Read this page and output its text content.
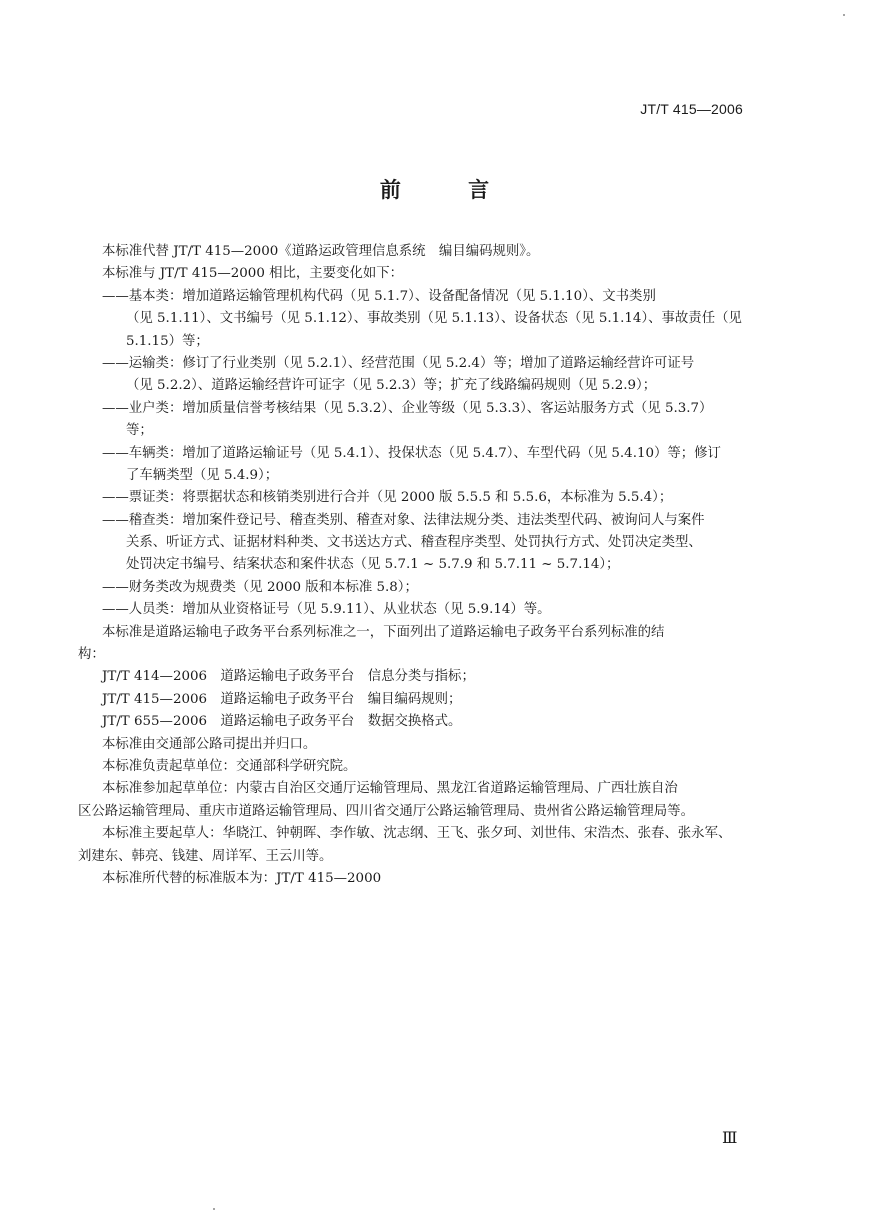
JT/T 415—2006
前 言
本标准代替 JT/T 415—2000《道路运政管理信息系统　编目编码规则》。
本标准与 JT/T 415—2000 相比，主要变化如下：
——基本类：增加道路运输管理机构代码（见 5.1.7）、设备配备情况（见 5.1.10）、文书类别
（见 5.1.11）、文书编号（见 5.1.12）、事故类别（见 5.1.13）、设备状态（见 5.1.14）、事故责任（见
5.1.15）等；
——运输类：修订了行业类别（见 5.2.1）、经营范围（见 5.2.4）等；增加了道路运输经营许可证号
（见 5.2.2）、道路运输经营许可证字（见 5.2.3）等；扩充了线路编码规则（见 5.2.9）；
——业户类：增加质量信誉考核结果（见 5.3.2）、企业等级（见 5.3.3）、客运站服务方式（见 5.3.7）
等；
——车辆类：增加了道路运输证号（见 5.4.1）、投保状态（见 5.4.7）、车型代码（见 5.4.10）等；修订
了车辆类型（见 5.4.9）；
——票证类：将票据状态和核销类别进行合并（见 2000 版 5.5.5 和 5.5.6，本标准为 5.5.4）；
——稽查类：增加案件登记号、稽查类别、稽查对象、法律法规分类、违法类型代码、被询问人与案件
关系、听证方式、证据材料种类、文书送达方式、稽查程序类型、处罚执行方式、处罚决定类型、
处罚决定书编号、结案状态和案件状态（见 5.7.1 ~ 5.7.9 和 5.7.11 ~ 5.7.14）；
——财务类改为规费类（见 2000 版和本标准 5.8）；
——人员类：增加从业资格证号（见 5.9.11）、从业状态（见 5.9.14）等。
本标准是道路运输电子政务平台系列标准之一，下面列出了道路运输电子政务平台系列标准的结
构：
JT/T 414—2006　道路运输电子政务平台　信息分类与指标；
JT/T 415—2006　道路运输电子政务平台　编目编码规则；
JT/T 655—2006　道路运输电子政务平台　数据交换格式。
本标准由交通部公路司提出并归口。
本标准负责起草单位：交通部科学研究院。
本标准参加起草单位：内蒙古自治区交通厅运输管理局、黑龙江省道路运输管理局、广西壮族自治
区公路运输管理局、重庆市道路运输管理局、四川省交通厅公路运输管理局、贵州省公路运输管理局等。
本标准主要起草人：华晓江、钟朝晖、李作敏、沈志纲、王飞、张夕珂、刘世伟、宋浩杰、张春、张永军、
刘建东、韩亮、钱建、周详军、王云川等。
本标准所代替的标准版本为：JT/T 415—2000
Ⅲ
